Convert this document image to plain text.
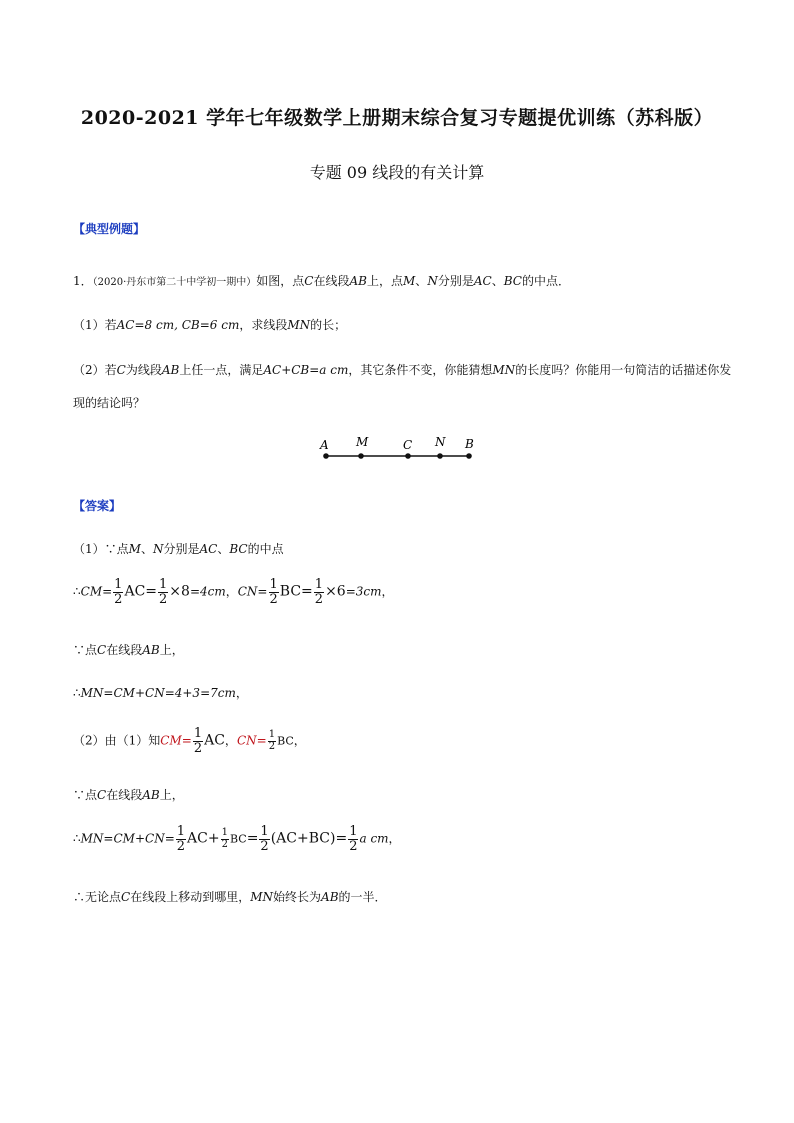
2020-2021 学年七年级数学上册期末综合复习专题提优训练（苏科版）
专题 09 线段的有关计算
【典型例题】
1．（2020·丹东市第二十中学初一期中）如图，点C在线段AB上，点M、N分别是AC、BC的中点．
（1）若AC=8 cm, CB=6 cm，求线段MN的长；
（2）若C为线段AB上任一点，满足AC+CB=a cm，其它条件不变，你能猜想MN的长度吗？你能用一句简洁的话描述你发
现的结论吗？
A M	C N B
【答案】
（1）∵点M、N分别是AC、BC的中点
∴CM= $\frac{1}{2} AC= \frac{1}{2} \times 8=4cm$，$CN= \frac{1}{2} BC= \frac{1}{2} \times 6=3cm$，
∵点C在线段AB上，
∴MN=CM+CN=4+3=7cm，
（2）由（1）知$CM= \frac{1}{2}$ AC，$CN= \frac{1}{2}$ BC，
∵点C在线段AB上，
∴MN=CM+CN= $\frac{1}{2} AC+ \frac{1}{2} BC= \frac{1}{2} (AC+BC)= \frac{1}{2}$ a cm，
∴无论点C在线段上移动到哪里，MN始终长为AB的一半．
